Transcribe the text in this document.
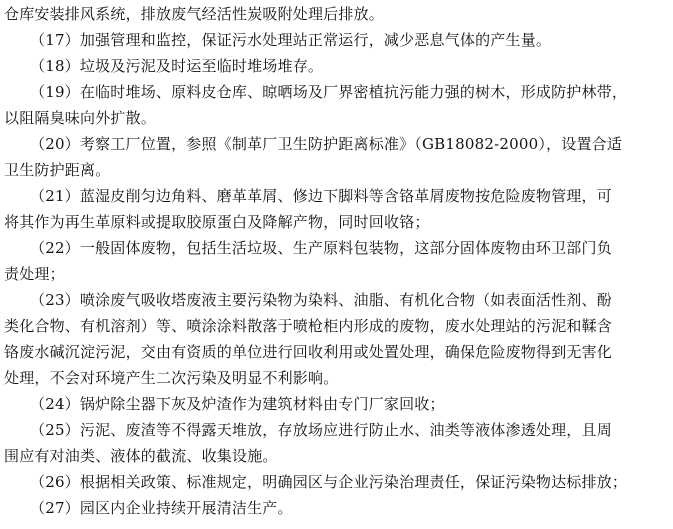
仓库安装排风系统，排放废气经活性炭吸附处理后排放。
（17）加强管理和监控，保证污水处理站正常运行，减少恶息气体的产生量。
（18）垃圾及污泥及时运至临时堆场堆存。
（19）在临时堆场、原料皮仓库、晾晒场及厂界密植抗污能力强的树木，形成防护林带，
以阻隔臭味向外扩散。
（20）考察工厂位置，参照《制革厂卫生防护距离标准》（GB18082-2000），设置合适
卫生防护距离。
（21）蓝湿皮削匀边角料、磨革革屑、修边下脚料等含铬革屑废物按危险废物管理，可
将其作为再生革原料或提取胶原蛋白及降解产物，同时回收铬；
（22）一般固体废物，包括生活垃圾、生产原料包装物，这部分固体废物由环卫部门负
责处理；
（23）喷涂废气吸收塔废液主要污染物为染料、油脂、有机化合物（如表面活性剂、酚
类化合物、有机溶剂）等、喷涂涂料散落于喷枪柜内形成的废物，废水处理站的污泥和鞣含
铬废水碱沉淀污泥，交由有资质的单位进行回收利用或处置处理，确保危险废物得到无害化
处理，不会对环境产生二次污染及明显不利影响。
（24）锅炉除尘器下灰及炉渣作为建筑材料由专门厂家回收；
（25）污泥、废渣等不得露天堆放，存放场应进行防止水、油类等液体渗透处理，且周
围应有对油类、液体的截流、收集设施。
（26）根据相关政策、标准规定，明确园区与企业污染治理责任，保证污染物达标排放；
（27）园区内企业持续开展清洁生产。
